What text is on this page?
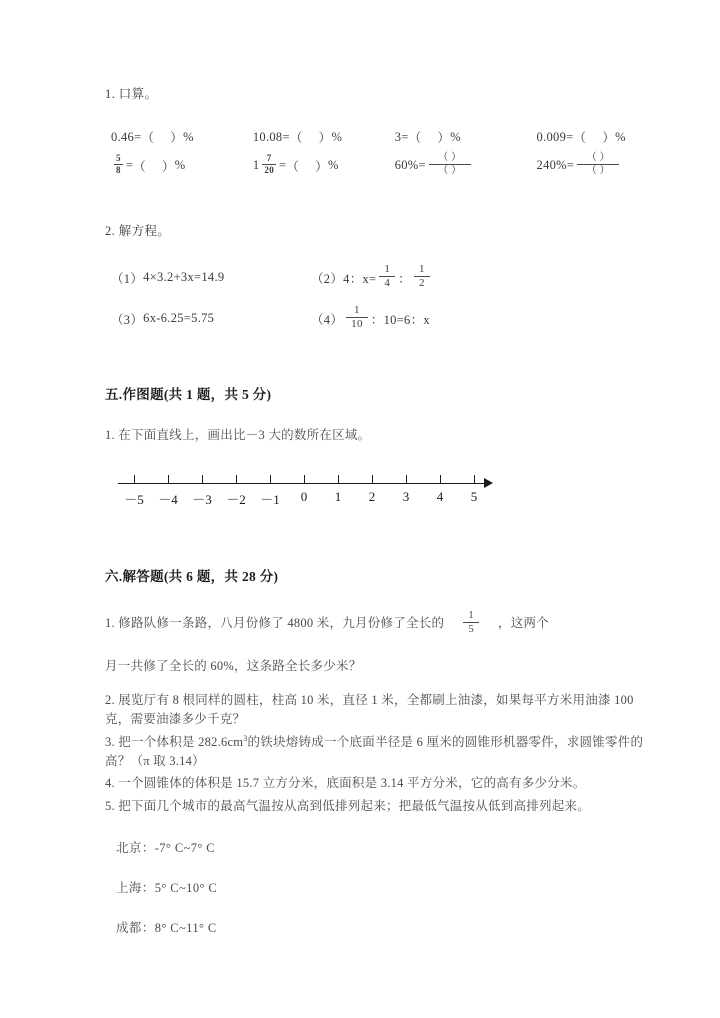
1. 口算。
0.46= （ ） %	10.08= （ ） %	3= （ ） %	0.009= （ ） %
$\frac{5}{8}$ = （ ） %	$1 \frac{7}{20}$ = （ ） %	$60\% = \frac{( )}{( )}$	$240\% = \frac{( )}{( )}$
2. 解方程。
（1） 4×3.2+3x=14.9	（2） 4：$x= \frac{1}{4}$ ： $\frac{1}{2}$
（3） 6x-6.25=5.75	$(4) \frac{1}{10}$ ：10=6：x
五.作图题(共 1 题，共 5 分)
1. 在下面直线上，画出比－3 大的数所在区域。
－5 －4 －3 －2 －1 0 1 2 3 4 5
六.解答题(共 6 题，共 28 分)
1. 修路队修一条路，八月份修了 4800 米，九月份修了全长的 $\frac{1}{5}$ ，这两个
月一共修了全长的 60%，这条路全长多少米？
2. 展览厅有 8 根同样的圆柱，柱高 10 米，直径 1 米，全都刷上油漆，如果每平方米用油漆 100 克，需要油漆多少千克？
3. 把一个体积是 $282.6cm^3$的铁块熔铸成一个底面半径是 6 厘米的圆锥形机器零件，求圆锥零件的高？（π 取 3.14）
4. 一个圆锥体的体积是 15.7 立方分米，底面积是 3.14 平方分米，它的高有多少分米。
5. 把下面几个城市的最高气温按从高到低排列起来；把最低气温按从低到高排列起来。
北京：-7° C~7° C
上海：5° C~10° C
成都：8° C~11° C
